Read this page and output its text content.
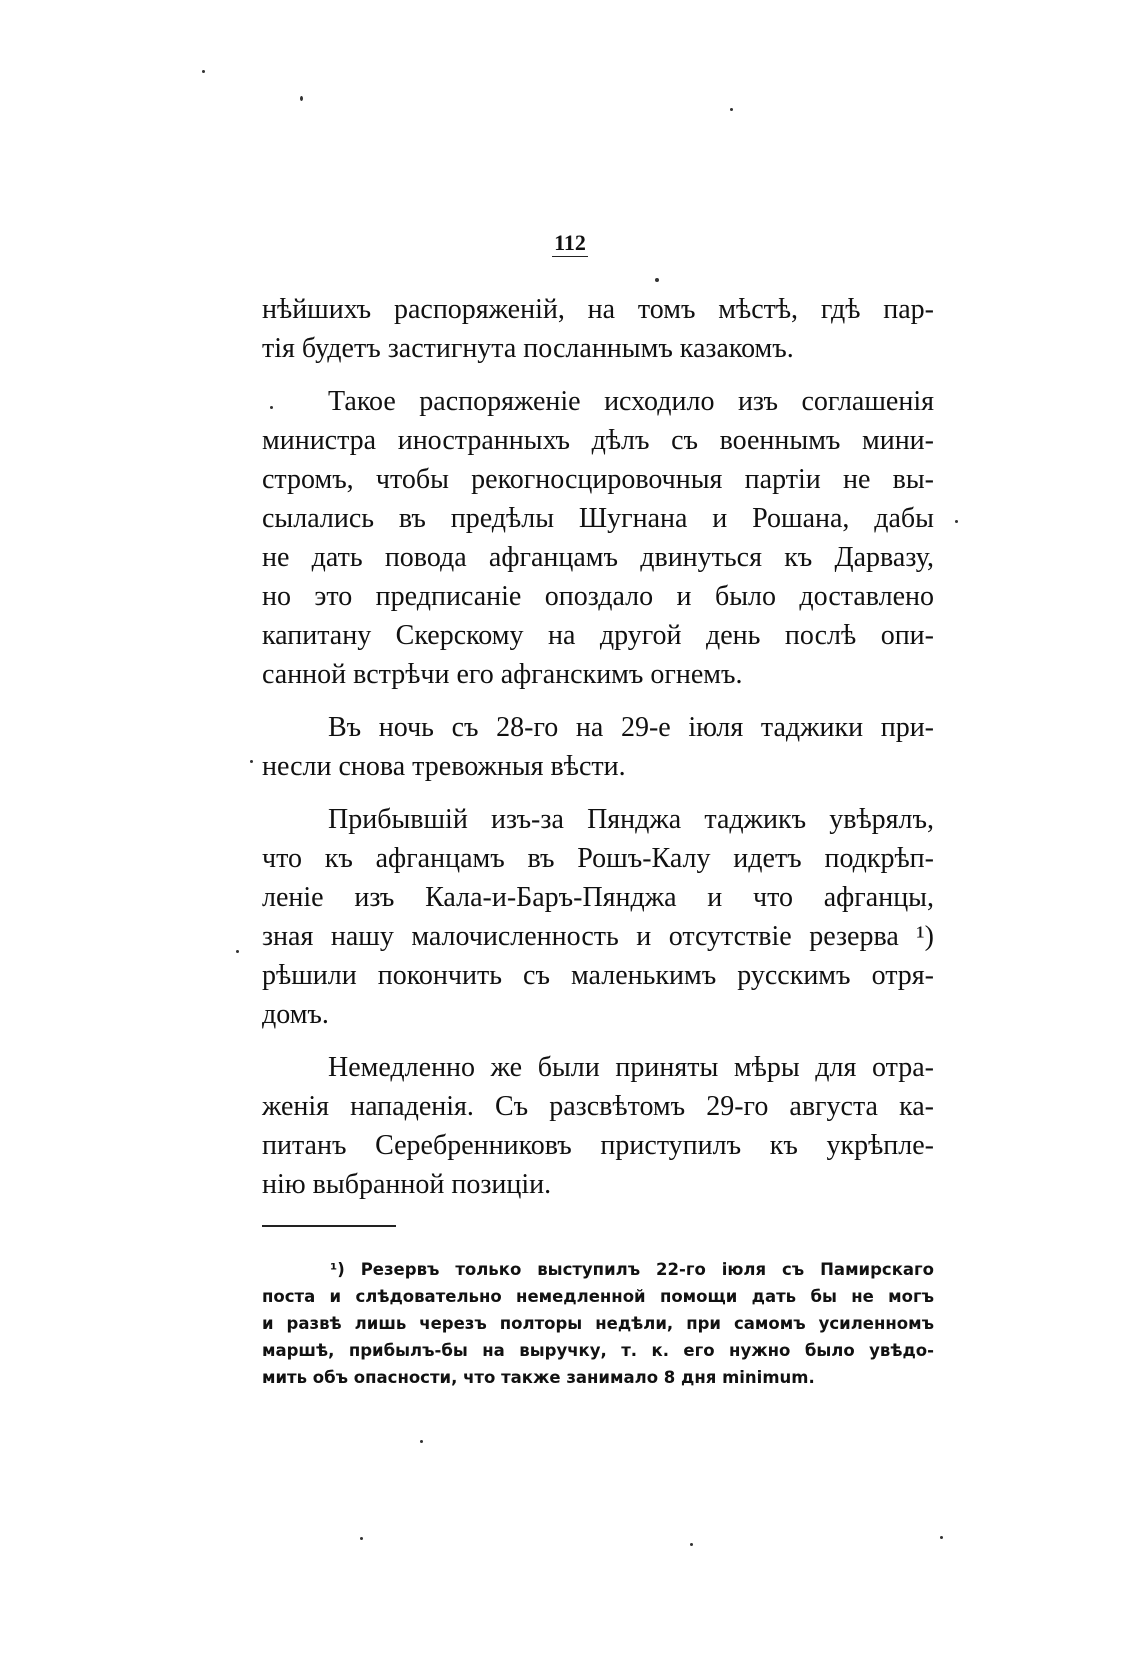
112
нѣйшихъ распоряженій, на томъ мѣстѣ, гдѣ пар-
тія будетъ застигнута посланнымъ казакомъ.
Такое распоряженіе исходило изъ соглашенія
министра иностранныхъ дѣлъ съ военнымъ мини-
стромъ, чтобы рекогносцировочныя партіи не вы-
сылались въ предѣлы Шугнана и Рошана, дабы
не дать повода афганцамъ двинуться къ Дарвазу,
но это предписаніе опоздало и было доставлено
капитану Скерскому на другой день послѣ опи-
санной встрѣчи его афганскимъ огнемъ.
Въ ночь съ 28-го на 29-е іюля таджики при-
несли снова тревожныя вѣсти.
Прибывшій изъ-за Пянджа таджикъ увѣрялъ,
что къ афганцамъ въ Рошъ-Калу идетъ подкрѣп-
леніе изъ Кала-и-Баръ-Пянджа и что афганцы,
зная нашу малочисленность и отсутствіе резерва ¹)
рѣшили покончить съ маленькимъ русскимъ отря-
домъ.
Немедленно же были приняты мѣры для отра-
женія нападенія. Съ разсвѣтомъ 29-го августа ка-
питанъ Серебренниковъ приступилъ къ укрѣпле-
нію выбранной позиціи.
¹) Резервъ только выступилъ 22-го іюля съ Памирскаго
поста и слѣдовательно немедленной помощи дать бы не могъ
и развѣ лишь черезъ полторы недѣли, при самомъ усиленномъ
маршѣ, прибылъ-бы на выручку, т. к. его нужно было увѣдо-
мить объ опасности, что также занимало 8 дня minimum.
